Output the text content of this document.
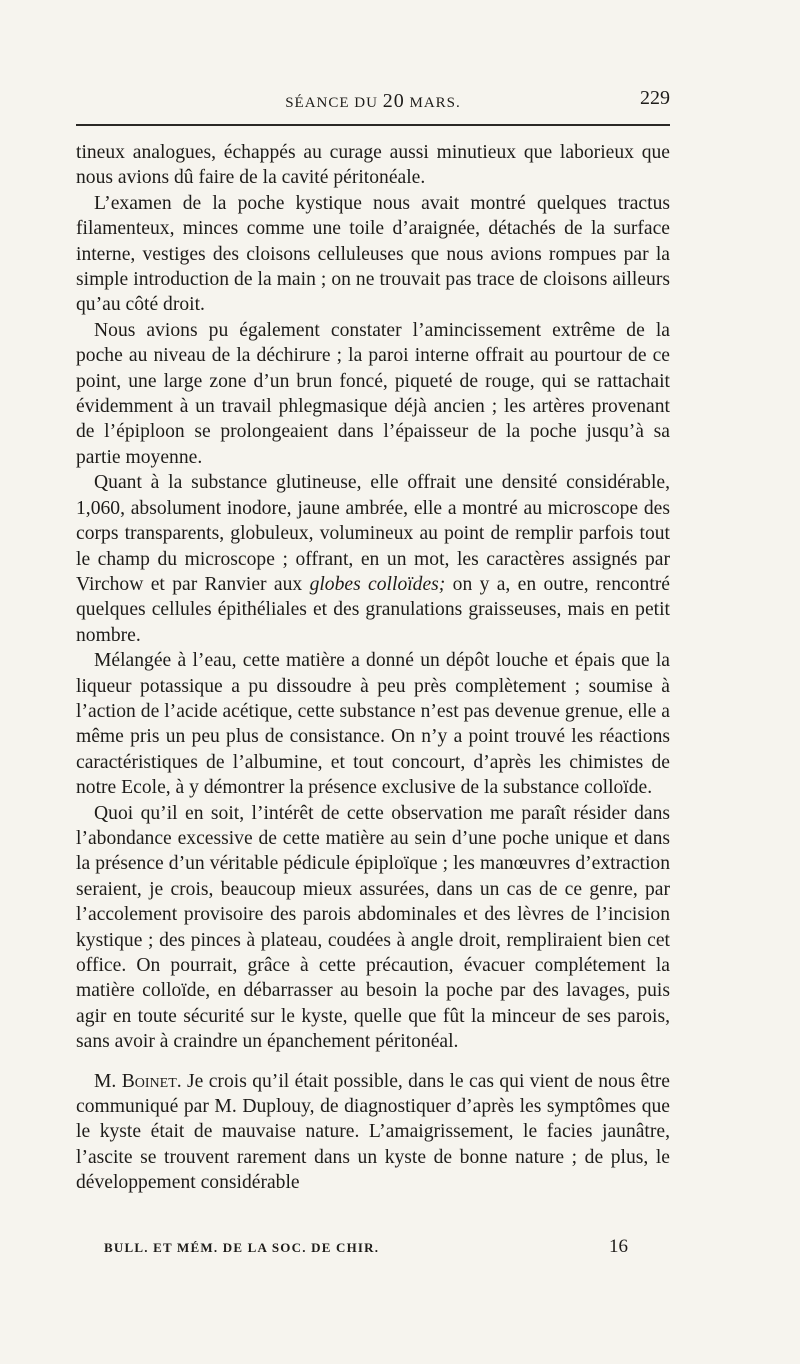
SÉANCE DU 20 MARS.	229

tineux analogues, échappés au curage aussi minutieux que laborieux que nous avions dû faire de la cavité péritonéale.

L’examen de la poche kystique nous avait montré quelques tractus filamenteux, minces comme une toile d’araignée, détachés de la surface interne, vestiges des cloisons celluleuses que nous avions rompues par la simple introduction de la main ; on ne trouvait pas trace de cloisons ailleurs qu’au côté droit.

Nous avions pu également constater l’amincissement extrême de la poche au niveau de la déchirure ; la paroi interne offrait au pourtour de ce point, une large zone d’un brun foncé, piqueté de rouge, qui se rattachait évidemment à un travail phlegmasique déjà ancien ; les artères provenant de l’épiploon se prolongeaient dans l’épaisseur de la poche jusqu’à sa partie moyenne.

Quant à la substance glutineuse, elle offrait une densité considérable, 1,060, absolument inodore, jaune ambrée, elle a montré au microscope des corps transparents, globuleux, volumineux au point de remplir parfois tout le champ du microscope ; offrant, en un mot, les caractères assignés par Virchow et par Ranvier aux globes colloïdes; on y a, en outre, rencontré quelques cellules épithéliales et des granulations graisseuses, mais en petit nombre.

Mélangée à l’eau, cette matière a donné un dépôt louche et épais que la liqueur potassique a pu dissoudre à peu près complètement ; soumise à l’action de l’acide acétique, cette substance n’est pas devenue grenue, elle a même pris un peu plus de consistance. On n’y a point trouvé les réactions caractéristiques de l’albumine, et tout concourt, d’après les chimistes de notre Ecole, à y démontrer la présence exclusive de la substance colloïde.

Quoi qu’il en soit, l’intérêt de cette observation me paraît résider dans l’abondance excessive de cette matière au sein d’une poche unique et dans la présence d’un véritable pédicule épiploïque ; les manœuvres d’extraction seraient, je crois, beaucoup mieux assurées, dans un cas de ce genre, par l’accolement provisoire des parois abdominales et des lèvres de l’incision kystique ; des pinces à plateau, coudées à angle droit, rempliraient bien cet office. On pourrait, grâce à cette précaution, évacuer complétement la matière colloïde, en débarrasser au besoin la poche par des lavages, puis agir en toute sécurité sur le kyste, quelle que fût la minceur de ses parois, sans avoir à craindre un épanchement péritonéal.

M. Boinet. Je crois qu’il était possible, dans le cas qui vient de nous être communiqué par M. Duplouy, de diagnostiquer d’après les symptômes que le kyste était de mauvaise nature. L’amaigrissement, le facies jaunâtre, l’ascite se trouvent rarement dans un kyste de bonne nature ; de plus, le développement considérable

BULL. ET MÉM. DE LA SOC. DE CHIR.	16
